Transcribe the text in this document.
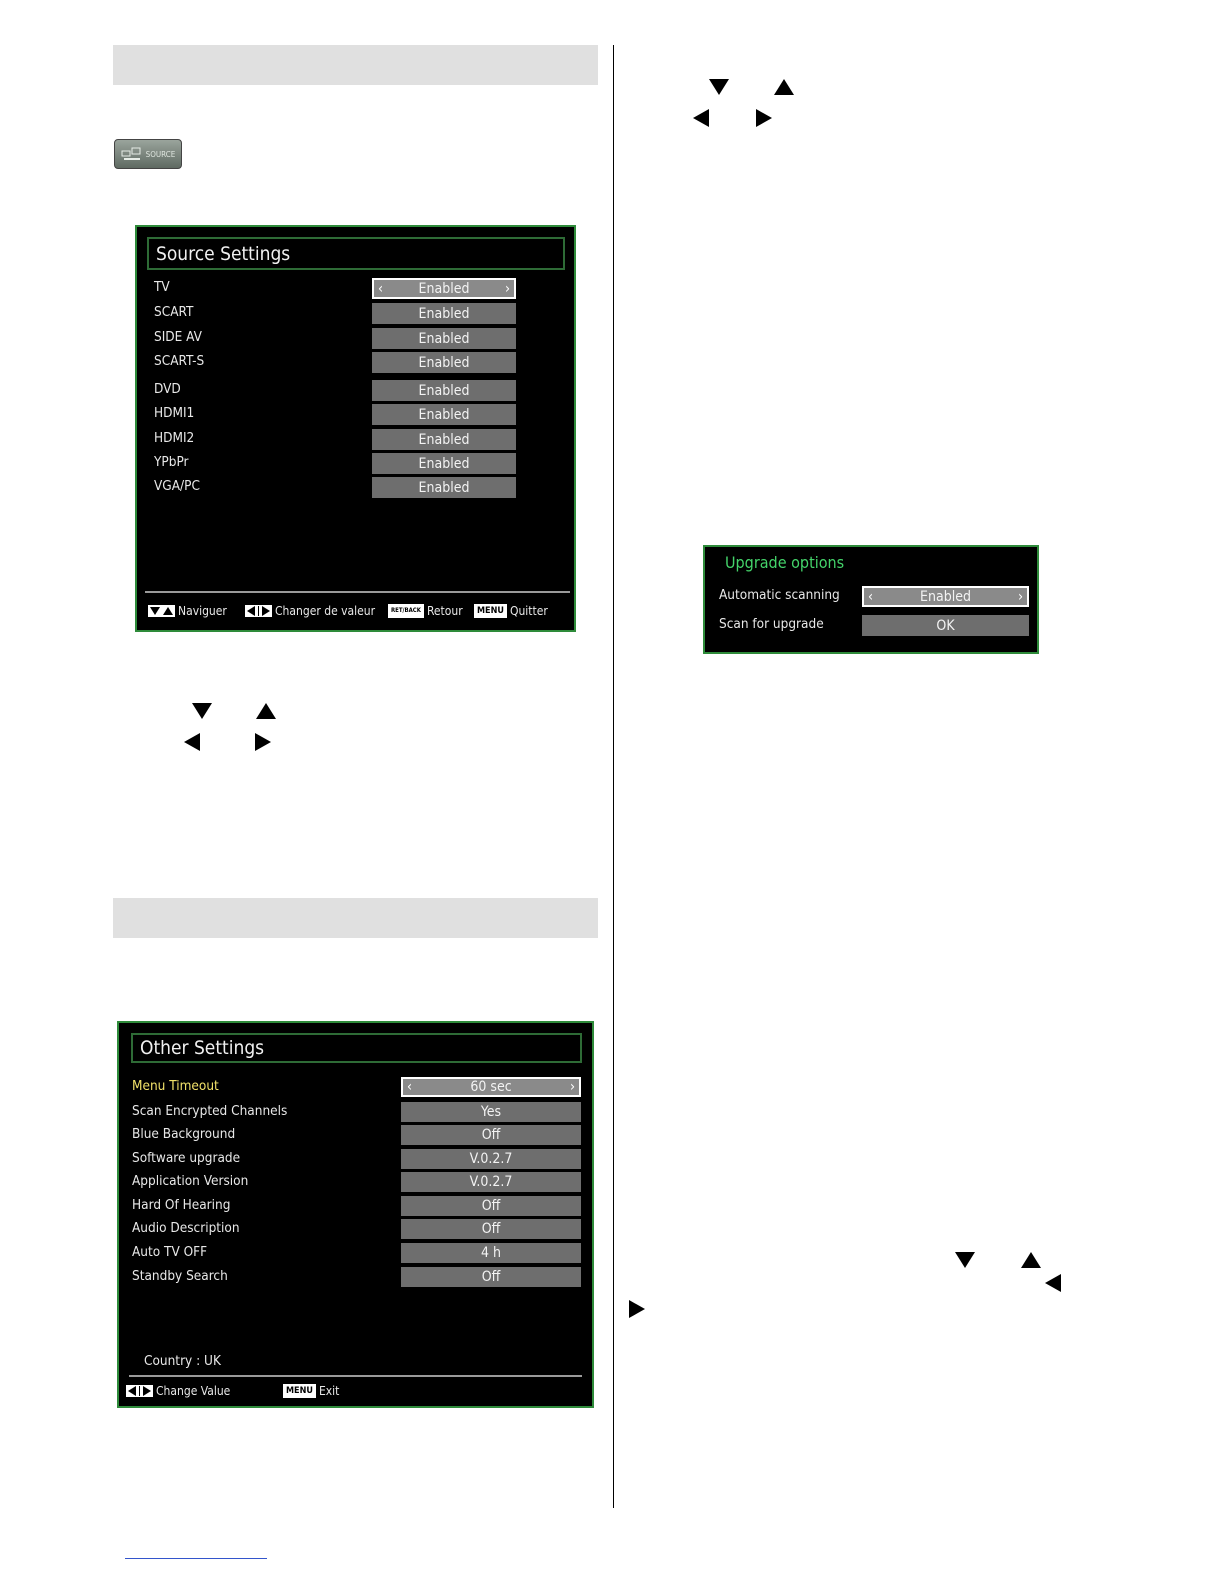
SOURCE
Source Settings
TV	Enabled
‹	›
SCART	Enabled
SIDE AV	Enabled
SCART-S	Enabled
DVD	Enabled
HDMI1	Enabled
HDMI2	Enabled
YPbPr	Enabled
VGA/PC	Enabled
Naviguer	Changer de valeur	RET/BACK Retour	MENU Quitter
Other Settings
Menu Timeout	60 sec
‹	›
Scan Encrypted Channels	Yes
Blue Background	Off
Software upgrade	V.0.2.7
Application Version	V.0.2.7
Hard Of Hearing	Off
Audio Description	Off
Auto TV OFF	4 h
Standby Search	Off
Country : UK
Change Value	MENU Exit
Upgrade options
Automatic scanning	Enabled
‹	›
Scan for upgrade	OK
